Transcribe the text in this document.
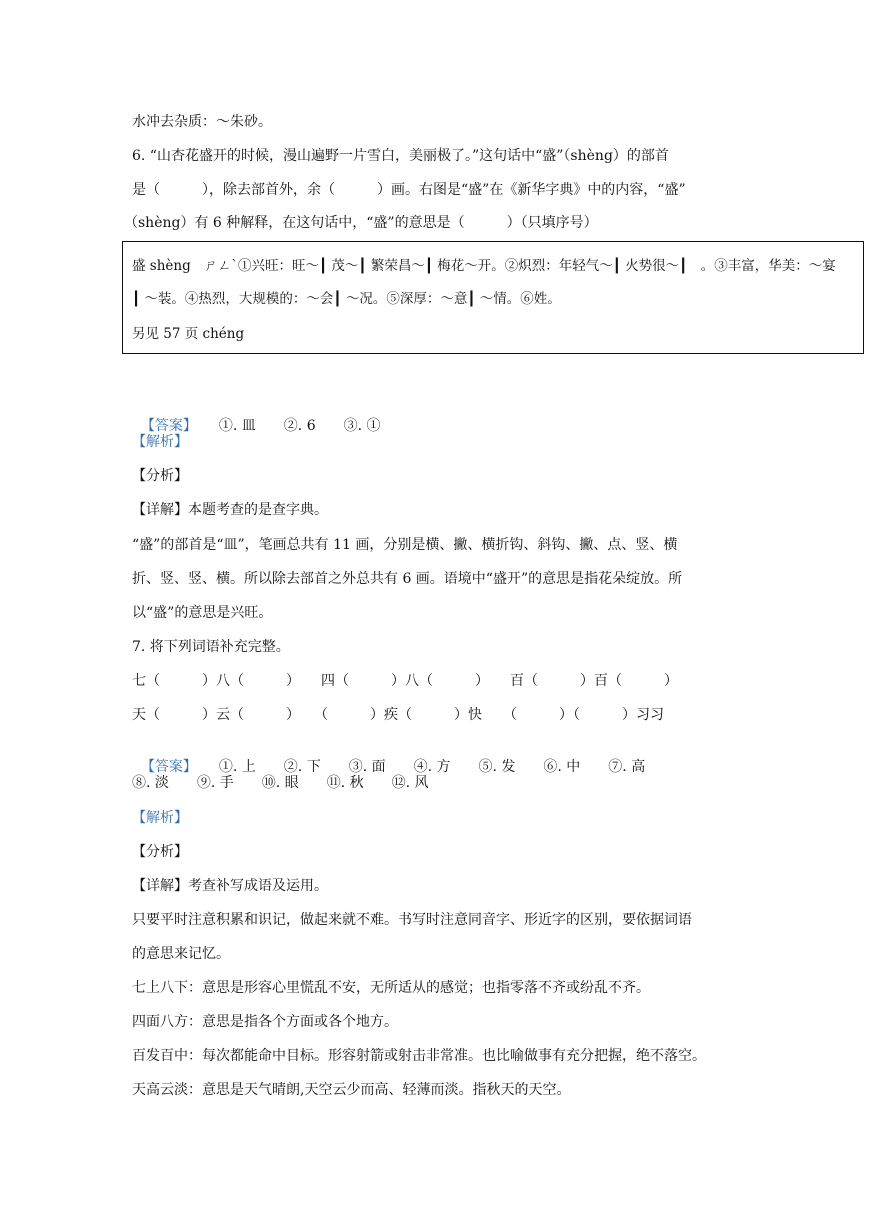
水冲去杂质：～朱砂。
6. “山杏花盛开的时候，漫山遍野一片雪白，美丽极了。”这句话中“盛”（shèng）的部首
是（　　　），除去部首外，余（　　　）画。右图是“盛”在《新华字典》中的内容，“盛”
（shèng）有 6 种解释，在这句话中，“盛”的意思是（　　　）（只填序号）
盛 shèng　ㄕㄥˋ①兴旺：旺～┃ 茂～┃ 繁荣昌～┃ 梅花～开。②炽烈：年轻气～┃ 火势很～┃　。③丰富，华美：～宴
┃ ～装。④热烈，大规模的：～会┃ ～况。⑤深厚：～意┃ ～情。⑥姓。
另见 57 页 chéng

【答案】 ①. 皿　　②. 6　　③. ①

【解析】
【分析】
【详解】本题考查的是查字典。
“盛”的部首是“皿”，笔画总共有 11 画，分别是横、撇、横折钩、斜钩、撇、点、竖、横
折、竖、竖、横。所以除去部首之外总共有 6 画。语境中“盛开”的意思是指花朵绽放。所
以“盛”的意思是兴旺。
7. 将下列词语补充完整。
七（　　　）八（　　　）　　四（　　　）八（　　　）　　百（　　　）百（　　　）
天（　　　）云（　　　）　　（　　　）疾（　　　）快　　（　　　）（　　　）习习

【答案】 ①. 上　　②. 下　　③. 面　　④. 方　　⑤. 发　　⑥. 中　　⑦. 高

⑧. 淡　　⑨. 手　　⑩. 眼　　⑪. 秋　　⑫. 风
【解析】
【分析】
【详解】考查补写成语及运用。
只要平时注意积累和识记，做起来就不难。书写时注意同音字、形近字的区别，要依据词语
的意思来记忆。
七上八下：意思是形容心里慌乱不安，无所适从的感觉；也指零落不齐或纷乱不齐。
四面八方：意思是指各个方面或各个地方。
百发百中：每次都能命中目标。形容射箭或射击非常准。也比喻做事有充分把握，绝不落空。
天高云淡：意思是天气晴朗,天空云少而高、轻薄而淡。指秋天的天空。
